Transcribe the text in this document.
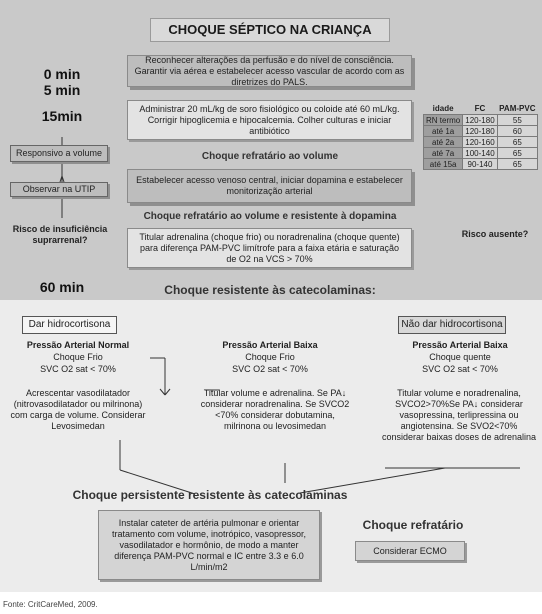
CHOQUE SÉPTICO NA CRIANÇA
0 min
5 min
15min
60 min
Reconhecer alterações da perfusão e do nível de consciência. Garantir via aérea e estabelecer acesso vascular de acordo com as diretrizes do PALS.
Administrar 20 mL/kg de soro fisiológico ou coloide até 60 mL/kg. Corrigir hipoglicemia e hipocalcemia. Colher culturas e iniciar antibiótico
Choque refratário ao volume
Estabelecer acesso venoso central, iniciar dopamina e estabelecer monitorização arterial
Choque refratário ao volume e resistente à dopamina
Titular adrenalina (choque frio) ou noradrenalina (choque quente) para diferença PAM-PVC limítrofe para a faixa etária e saturação de O2 na VCS > 70%
Choque resistente às catecolaminas:
Responsivo a volume
Observar na UTIP
Risco de insuficiência suprarrenal?
idade	FC	PAM-PVC
RN termo	120-180	55
até 1a	120-180	60
até 2a	120-160	65
até 7a	100-140	65
até 15a	90-140	65
Risco ausente?
Dar hidrocortisona	Não dar hidrocortisona
Pressão Arterial Normal
Choque Frio
SVC O2 sat < 70%
Acrescentar vasodilatador (nitrovasodilatador ou milrinona) com carga de volume. Considerar Levosimedan
Pressão Arterial Baixa
Choque Frio
SVC O2 sat < 70%
Titular volume e adrenalina. Se PA↓ considerar noradrenalina. Se SVCO2 <70% considerar dobutamina, milrinona ou levosimedan
Pressão Arterial Baixa
Choque quente
SVC O2 sat < 70%
Titular volume e noradrenalina, SVCO2>70%Se PA↓ considerar vasopressina, terlipressina ou angiotensina. Se SVO2<70% considerar baixas doses de adrenalina
Choque persistente resistente às catecolaminas
Instalar cateter de artéria pulmonar e orientar tratamento com volume, inotrópico, vasopressor, vasodilatador e hormônio, de modo a manter diferença PAM-PVC normal e IC entre 3.3 e 6.0 L/min/m2
Choque refratário
Considerar ECMO
Fonte: CritCareMed, 2009.
